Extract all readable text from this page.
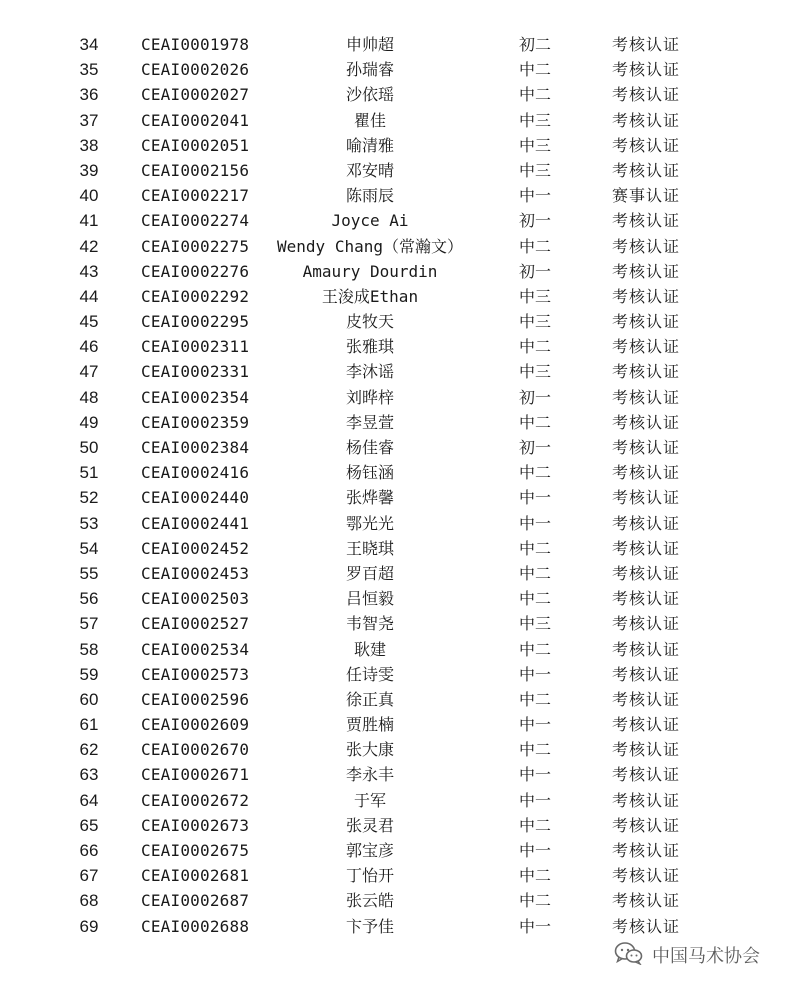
34	CEAI0001978	申帅超	初二	考核认证
35	CEAI0002026	孙瑞睿	中二	考核认证
36	CEAI0002027	沙依瑶	中二	考核认证
37	CEAI0002041	瞿佳	中三	考核认证
38	CEAI0002051	喻清雅	中三	考核认证
39	CEAI0002156	邓安晴	中三	考核认证
40	CEAI0002217	陈雨辰	中一	赛事认证
41	CEAI0002274	Joyce Ai	初一	考核认证
42	CEAI0002275	Wendy Chang（常瀚文）	中二	考核认证
43	CEAI0002276	Amaury Dourdin	初一	考核认证
44	CEAI0002292	王浚成Ethan	中三	考核认证
45	CEAI0002295	皮牧天	中三	考核认证
46	CEAI0002311	张雅琪	中二	考核认证
47	CEAI0002331	李沐谣	中三	考核认证
48	CEAI0002354	刘晔梓	初一	考核认证
49	CEAI0002359	李昱萱	中二	考核认证
50	CEAI0002384	杨佳睿	初一	考核认证
51	CEAI0002416	杨钰涵	中二	考核认证
52	CEAI0002440	张烨馨	中一	考核认证
53	CEAI0002441	鄂光光	中一	考核认证
54	CEAI0002452	王晓琪	中二	考核认证
55	CEAI0002453	罗百超	中二	考核认证
56	CEAI0002503	吕恒毅	中二	考核认证
57	CEAI0002527	韦智尧	中三	考核认证
58	CEAI0002534	耿建	中二	考核认证
59	CEAI0002573	任诗雯	中一	考核认证
60	CEAI0002596	徐正真	中二	考核认证
61	CEAI0002609	贾胜楠	中一	考核认证
62	CEAI0002670	张大康	中二	考核认证
63	CEAI0002671	李永丰	中一	考核认证
64	CEAI0002672	于军	中一	考核认证
65	CEAI0002673	张灵君	中二	考核认证
66	CEAI0002675	郭宝彦	中一	考核认证
67	CEAI0002681	丁怡开	中二	考核认证
68	CEAI0002687	张云皓	中二	考核认证
69	CEAI0002688	卞予佳	中一	考核认证
中国马术协会
